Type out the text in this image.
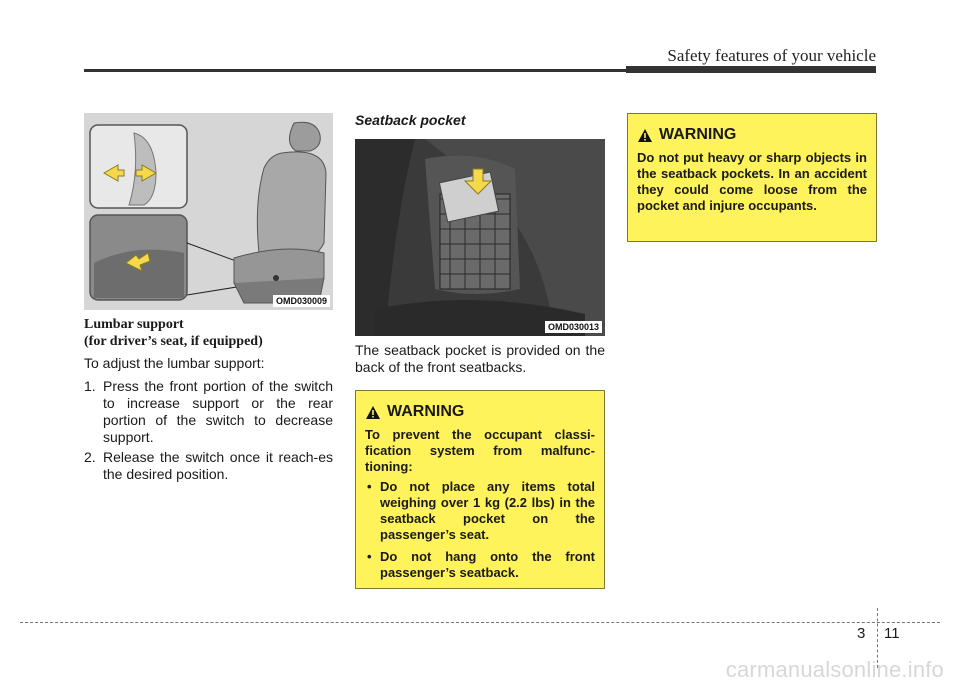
Safety features of your vehicle
OMD030009
Lumbar support
(for driver’s seat, if equipped)
To adjust the lumbar support:
1. Press the front portion of the switch to increase support or the rear portion of the switch to decrease support.
2. Release the switch once it reach-es the desired position.
Seatback pocket
OMD030013
The seatback pocket is provided on the back of the front seatbacks.
WARNING

To prevent the occupant classi-fication system from malfunc-tioning:

• Do not place any items total weighing over 1 kg (2.2 lbs) in the seatback pocket on the passenger’s seat.
• Do not hang onto the front passenger’s seatback.
WARNING

Do not put heavy or sharp objects in the seatback pockets. In an accident they could come loose from the pocket and injure occupants.

3 11
carmanualsonline.info
